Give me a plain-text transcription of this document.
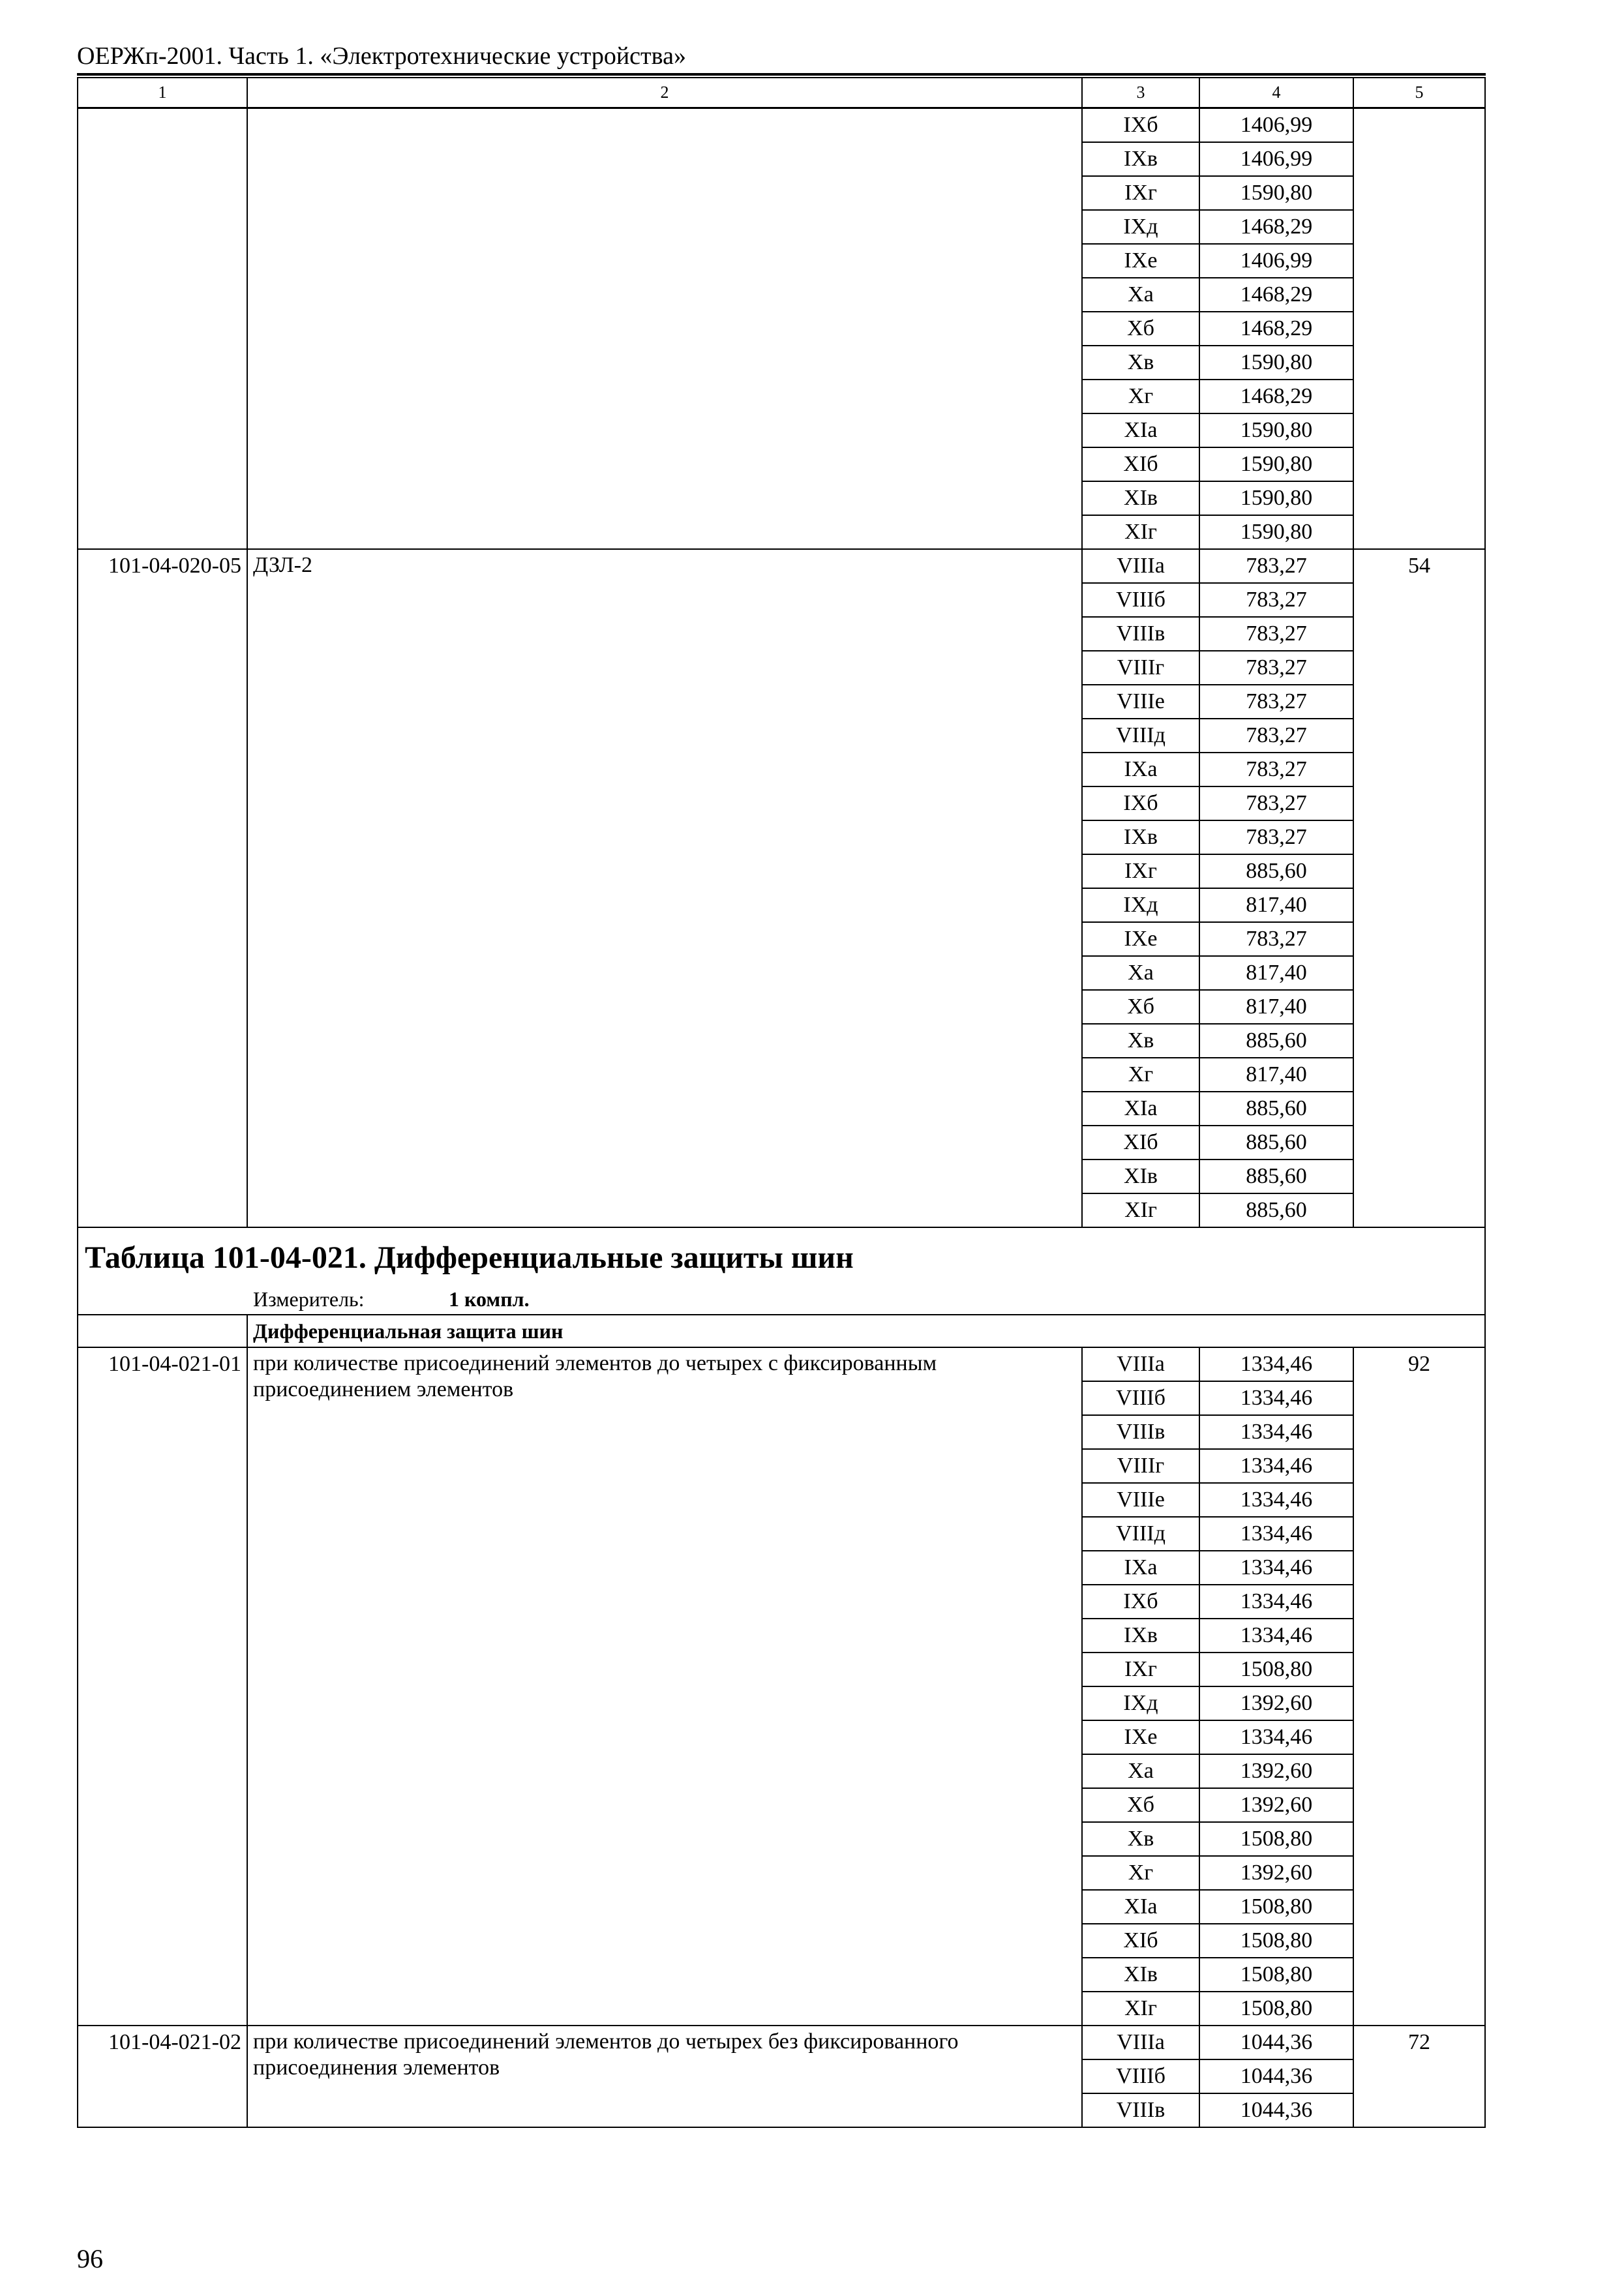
ОЕРЖп-2001. Часть 1. «Электротехнические устройства»
1	2	3	4	5
		IXб	1406,99	
		IXв	1406,99	
		IXг	1590,80	
		IXд	1468,29	
		IXе	1406,99	
		Xа	1468,29	
		Xб	1468,29	
		Xв	1590,80	
		Xг	1468,29	
		XIа	1590,80	
		XIб	1590,80	
		XIв	1590,80	
		XIг	1590,80	
101-04-020-05	ДЗЛ-2	VIIIа	783,27	54
		VIIIб	783,27	
		VIIIв	783,27	
		VIIIг	783,27	
		VIIIе	783,27	
		VIIIд	783,27	
		IXа	783,27	
		IXб	783,27	
		IXв	783,27	
		IXг	885,60	
		IXд	817,40	
		IXе	783,27	
		Xа	817,40	
		Xб	817,40	
		Xв	885,60	
		Xг	817,40	
		XIа	885,60	
		XIб	885,60	
		XIв	885,60	
		XIг	885,60	
Таблица 101-04-021. Дифференциальные защиты шин				
Измеритель: 1 компл.				
	Дифференциальная защита шин			
101-04-021-01	при количестве присоединений элементов до четырех с фиксированным присоединением элементов	VIIIа	1334,46	92
		VIIIб	1334,46	
		VIIIв	1334,46	
		VIIIг	1334,46	
		VIIIе	1334,46	
		VIIIд	1334,46	
		IXа	1334,46	
		IXб	1334,46	
		IXв	1334,46	
		IXг	1508,80	
		IXд	1392,60	
		IXе	1334,46	
		Xа	1392,60	
		Xб	1392,60	
		Xв	1508,80	
		Xг	1392,60	
		XIа	1508,80	
		XIб	1508,80	
		XIв	1508,80	
		XIг	1508,80	
101-04-021-02	при количестве присоединений элементов до четырех без фиксированного присоединения элементов	VIIIа	1044,36	72
		VIIIб	1044,36	
		VIIIв	1044,36	
96
